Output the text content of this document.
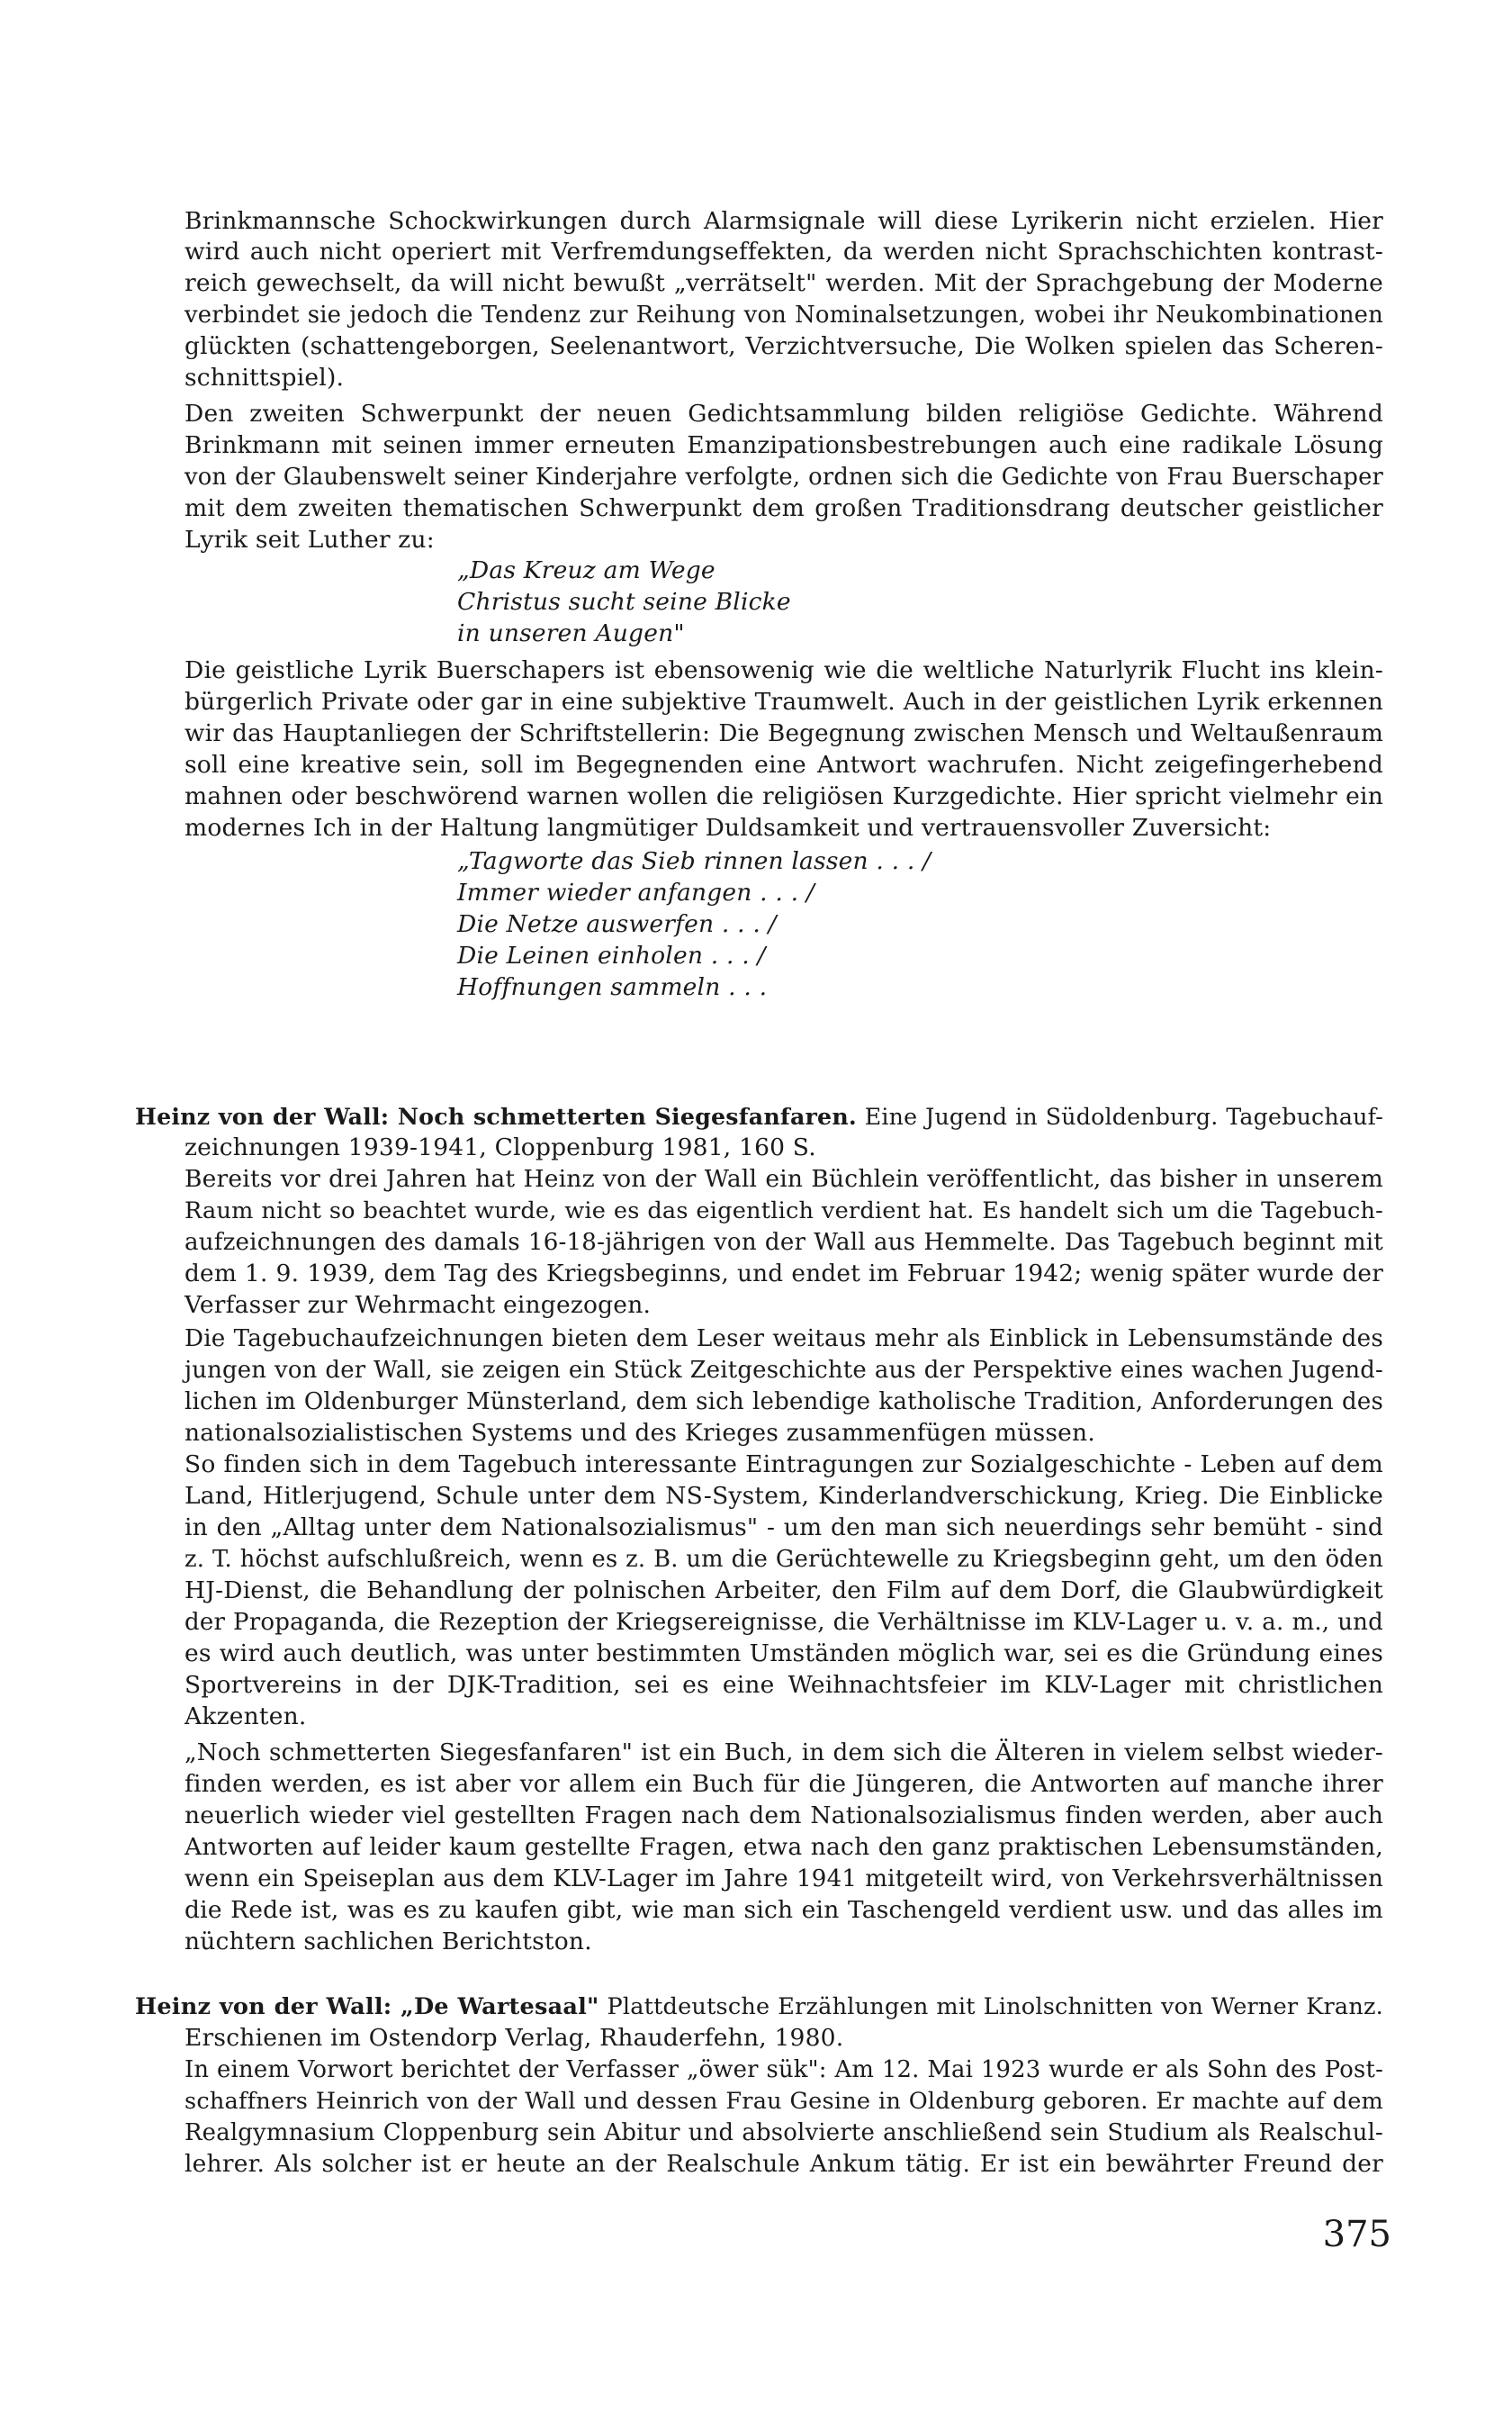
Brinkmannsche Schockwirkungen durch Alarmsignale will diese Lyrikerin nicht erzielen. Hier
wird auch nicht operiert mit Verfremdungseffekten, da werden nicht Sprachschichten kontrast-
reich gewechselt, da will nicht bewußt „verrätselt" werden. Mit der Sprachgebung der Moderne
verbindet sie jedoch die Tendenz zur Reihung von Nominalsetzungen, wobei ihr Neukombinationen
glückten (schattengeborgen, Seelenantwort, Verzichtversuche, Die Wolken spielen das Scheren-
schnittspiel).
Den zweiten Schwerpunkt der neuen Gedichtsammlung bilden religiöse Gedichte. Während
Brinkmann mit seinen immer erneuten Emanzipationsbestrebungen auch eine radikale Lösung
von der Glaubenswelt seiner Kinderjahre verfolgte, ordnen sich die Gedichte von Frau Buerschaper
mit dem zweiten thematischen Schwerpunkt dem großen Traditionsdrang deutscher geistlicher
Lyrik seit Luther zu:
„Das Kreuz am Wege
Christus sucht seine Blicke
in unseren Augen"
Die geistliche Lyrik Buerschapers ist ebensowenig wie die weltliche Naturlyrik Flucht ins klein-
bürgerlich Private oder gar in eine subjektive Traumwelt. Auch in der geistlichen Lyrik erkennen
wir das Hauptanliegen der Schriftstellerin: Die Begegnung zwischen Mensch und Weltaußenraum
soll eine kreative sein, soll im Begegnenden eine Antwort wachrufen. Nicht zeigefingerhebend
mahnen oder beschwörend warnen wollen die religiösen Kurzgedichte. Hier spricht vielmehr ein
modernes Ich in der Haltung langmütiger Duldsamkeit und vertrauensvoller Zuversicht:
„Tagworte das Sieb rinnen lassen . . . /
Immer wieder anfangen . . . /
Die Netze auswerfen . . . /
Die Leinen einholen . . . /
Hoffnungen sammeln . . .
Heinz von der Wall: Noch schmetterten Siegesfanfaren. Eine Jugend in Südoldenburg. Tagebuchauf-
zeichnungen 1939-1941, Cloppenburg 1981, 160 S.
Bereits vor drei Jahren hat Heinz von der Wall ein Büchlein veröffentlicht, das bisher in unserem
Raum nicht so beachtet wurde, wie es das eigentlich verdient hat. Es handelt sich um die Tagebuch-
aufzeichnungen des damals 16-18-jährigen von der Wall aus Hemmelte. Das Tagebuch beginnt mit
dem 1. 9. 1939, dem Tag des Kriegsbeginns, und endet im Februar 1942; wenig später wurde der
Verfasser zur Wehrmacht eingezogen.
Die Tagebuchaufzeichnungen bieten dem Leser weitaus mehr als Einblick in Lebensumstände des
jungen von der Wall, sie zeigen ein Stück Zeitgeschichte aus der Perspektive eines wachen Jugend-
lichen im Oldenburger Münsterland, dem sich lebendige katholische Tradition, Anforderungen des
nationalsozialistischen Systems und des Krieges zusammenfügen müssen.
So finden sich in dem Tagebuch interessante Eintragungen zur Sozialgeschichte - Leben auf dem
Land, Hitlerjugend, Schule unter dem NS-System, Kinderlandverschickung, Krieg. Die Einblicke
in den „Alltag unter dem Nationalsozialismus" - um den man sich neuerdings sehr bemüht - sind
z. T. höchst aufschlußreich, wenn es z. B. um die Gerüchtewelle zu Kriegsbeginn geht, um den öden
HJ-Dienst, die Behandlung der polnischen Arbeiter, den Film auf dem Dorf, die Glaubwürdigkeit
der Propaganda, die Rezeption der Kriegsereignisse, die Verhältnisse im KLV-Lager u. v. a. m., und
es wird auch deutlich, was unter bestimmten Umständen möglich war, sei es die Gründung eines
Sportvereins in der DJK-Tradition, sei es eine Weihnachtsfeier im KLV-Lager mit christlichen
Akzenten.
„Noch schmetterten Siegesfanfaren" ist ein Buch, in dem sich die Älteren in vielem selbst wieder-
finden werden, es ist aber vor allem ein Buch für die Jüngeren, die Antworten auf manche ihrer
neuerlich wieder viel gestellten Fragen nach dem Nationalsozialismus finden werden, aber auch
Antworten auf leider kaum gestellte Fragen, etwa nach den ganz praktischen Lebensumständen,
wenn ein Speiseplan aus dem KLV-Lager im Jahre 1941 mitgeteilt wird, von Verkehrsverhältnissen
die Rede ist, was es zu kaufen gibt, wie man sich ein Taschengeld verdient usw. und das alles im
nüchtern sachlichen Berichtston.
Heinz von der Wall: „De Wartesaal" Plattdeutsche Erzählungen mit Linolschnitten von Werner Kranz.
Erschienen im Ostendorp Verlag, Rhauderfehn, 1980.
In einem Vorwort berichtet der Verfasser „öwer sük": Am 12. Mai 1923 wurde er als Sohn des Post-
schaffners Heinrich von der Wall und dessen Frau Gesine in Oldenburg geboren. Er machte auf dem
Realgymnasium Cloppenburg sein Abitur und absolvierte anschließend sein Studium als Realschul-
lehrer. Als solcher ist er heute an der Realschule Ankum tätig. Er ist ein bewährter Freund der
375
